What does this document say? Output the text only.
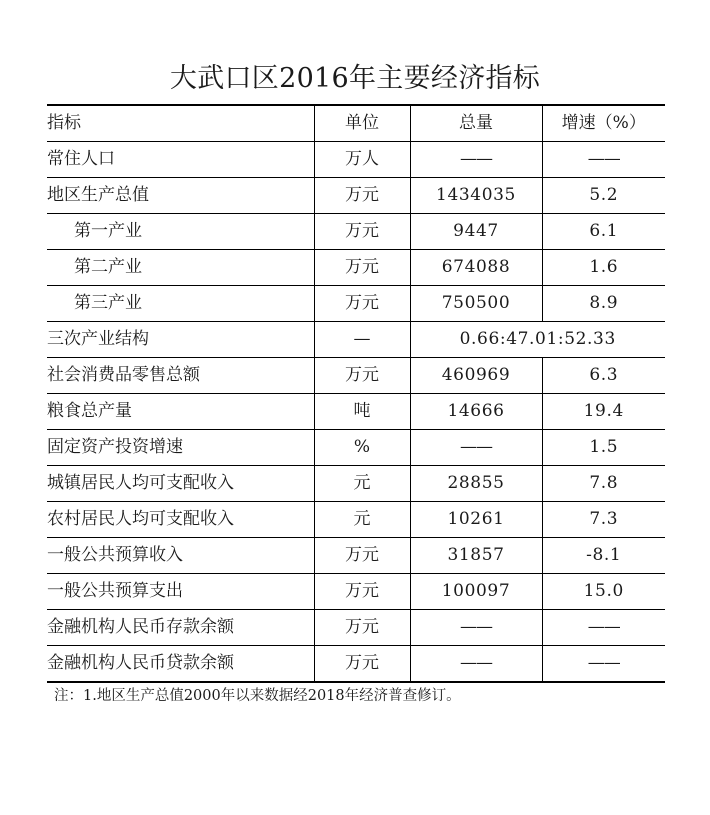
大武口区2016年主要经济指标
指标	单位	总量	增速（%）
常住人口	万人	——	——
地区生产总值	万元	1434035	5.2
第一产业	万元	9447	6.1
第二产业	万元	674088	1.6
第三产业	万元	750500	8.9
三次产业结构	—	0.66:47.01:52.33	
社会消费品零售总额	万元	460969	6.3
粮食总产量	吨	14666	19.4
固定资产投资增速	%	——	1.5
城镇居民人均可支配收入	元	28855	7.8
农村居民人均可支配收入	元	10261	7.3
一般公共预算收入	万元	31857	-8.1
一般公共预算支出	万元	100097	15.0
金融机构人民币存款余额	万元	——	——
金融机构人民币贷款余额	万元	——	——
注：1.地区生产总值2000年以来数据经2018年经济普查修订。
